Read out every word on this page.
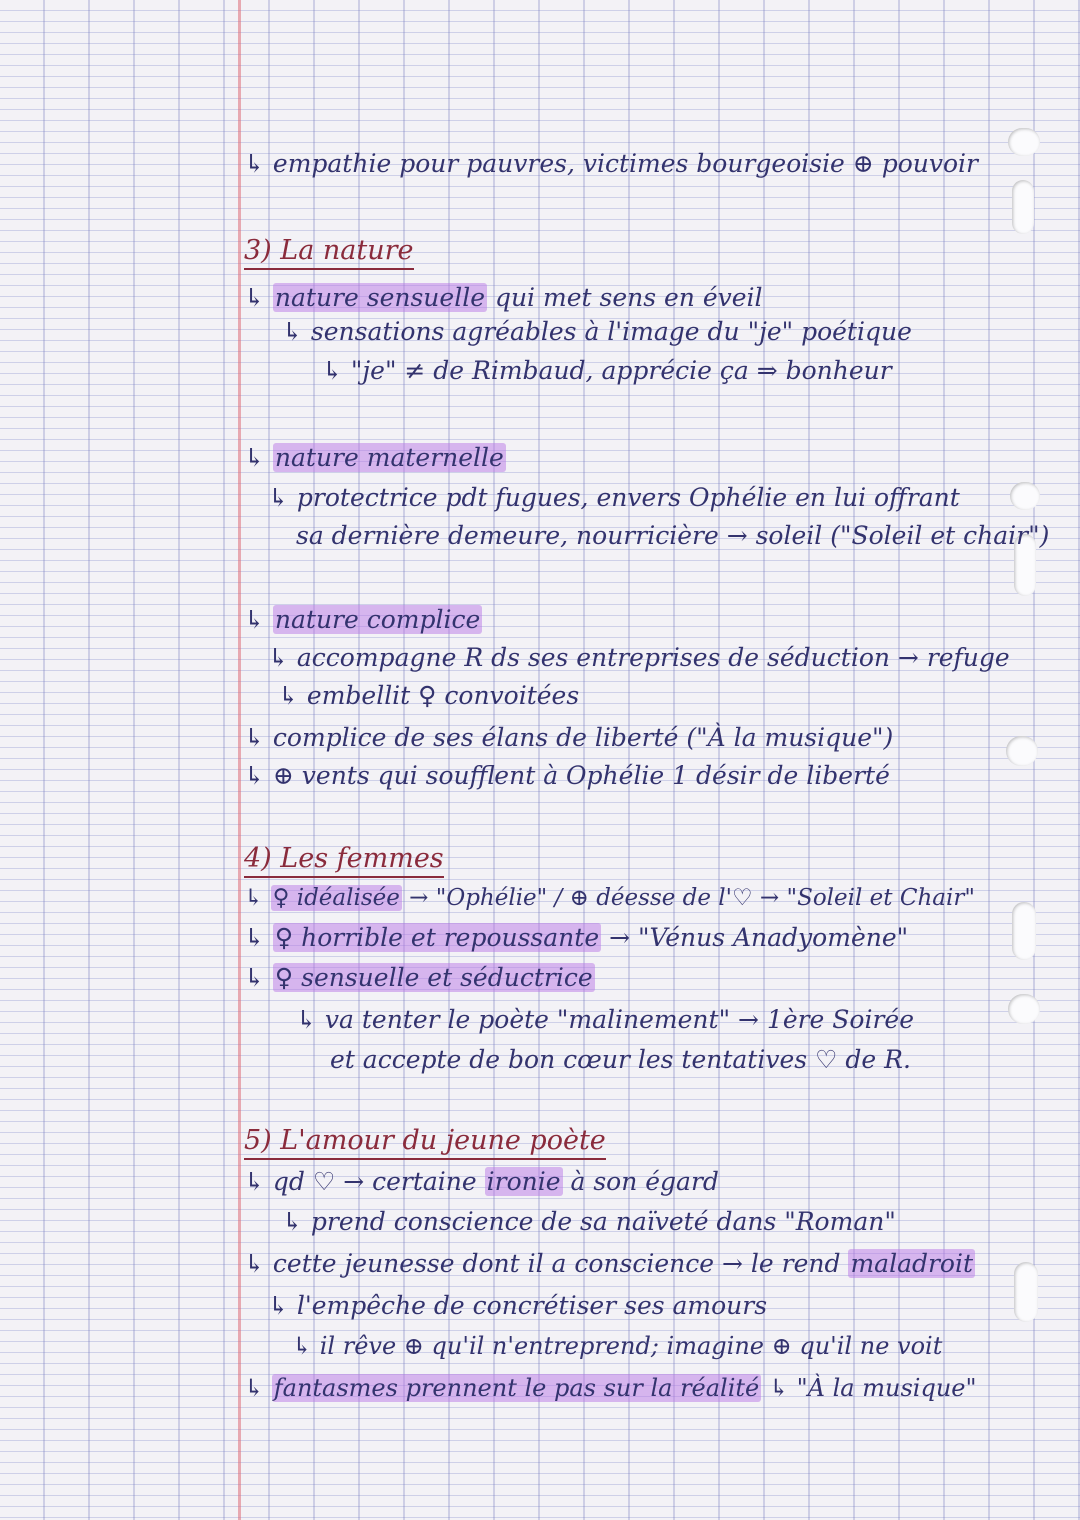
↳ empathie pour pauvres, victimes bourgeoisie ⊕ pouvoir
3) La nature
↳ nature sensuelle qui met sens en éveil
↳ sensations agréables à l'image du "je" poétique
↳ "je" ≠ de Rimbaud, apprécie ça ⇒ bonheur
↳ nature maternelle
↳ protectrice pdt fugues, envers Ophélie en lui offrant
sa dernière demeure, nourricière → soleil ("Soleil et chair")
↳ nature complice
↳ accompagne R ds ses entreprises de séduction → refuge
↳ embellit ♀ convoitées
↳ complice de ses élans de liberté ("À la musique")
↳ ⊕ vents qui soufflent à Ophélie 1 désir de liberté
4) Les femmes
↳ ♀ idéalisée → "Ophélie" / ⊕ déesse de l'♡ → "Soleil et Chair"
↳ ♀ horrible et repoussante → "Vénus Anadyomène"
↳ ♀ sensuelle et séductrice
↳ va tenter le poète "malinement" → 1ère Soirée
et accepte de bon cœur les tentatives ♡ de R.
5) L'amour du jeune poète
↳ qd ♡ → certaine ironie à son égard
↳ prend conscience de sa naïveté dans "Roman"
↳ cette jeunesse dont il a conscience → le rend maladroit
↳ l'empêche de concrétiser ses amours
↳ il rêve ⊕ qu'il n'entreprend; imagine ⊕ qu'il ne voit
↳ fantasmes prennent le pas sur la réalité ↳ "À la musique"
